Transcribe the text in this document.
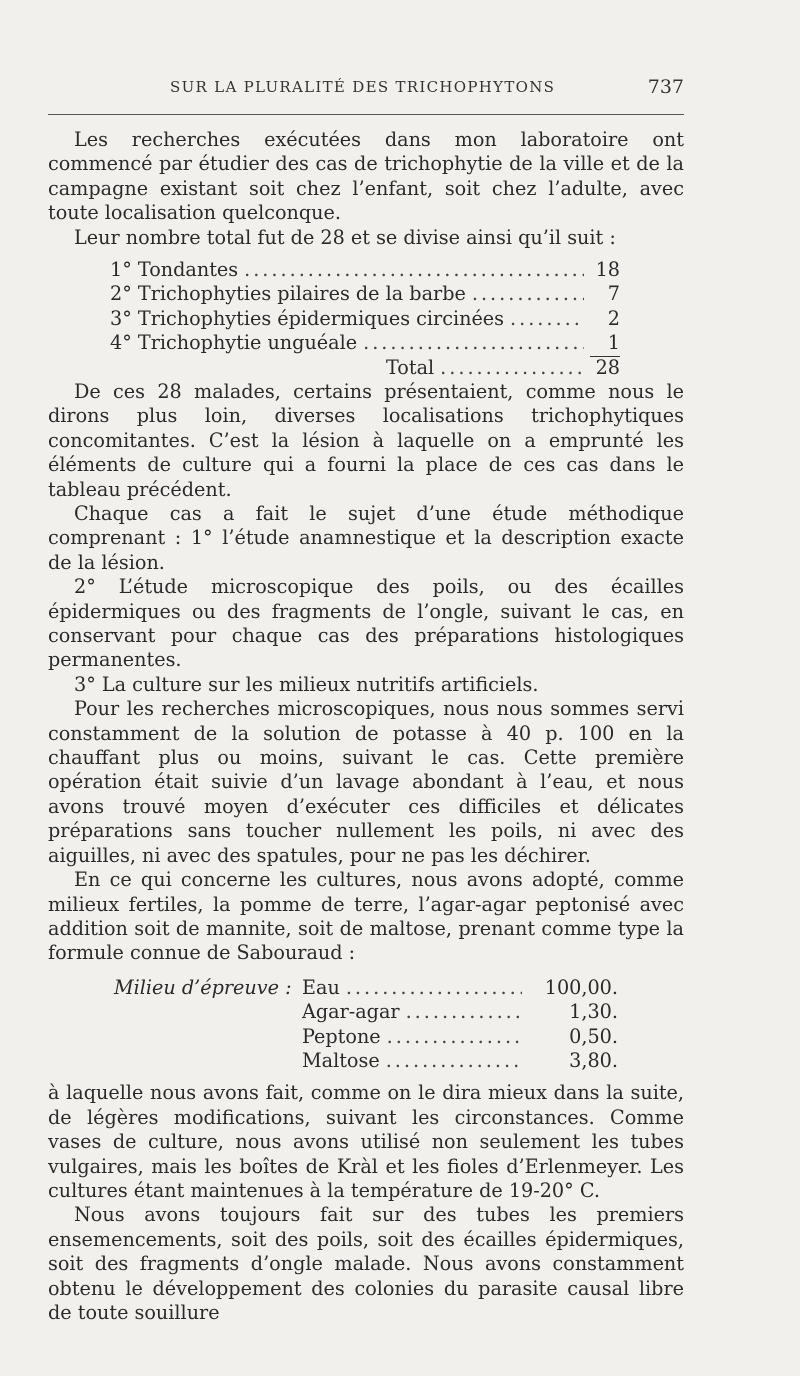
SUR LA PLURALITÉ DES TRICHOPHYTONS	737

Les recherches exécutées dans mon laboratoire ont commencé par étudier des cas de trichophytie de la ville et de la campagne existant soit chez l’enfant, soit chez l’adulte, avec toute localisation quelconque.

Leur nombre total fut de 28 et se divise ainsi qu’il suit :

1° Tondantes .....	18
2° Trichophyties pilaires de la barbe .....	7
3° Trichophyties épidermiques circinées .....	2
4° Trichophytie unguéale .....	1
Total .....	28

De ces 28 malades, certains présentaient, comme nous le dirons plus loin, diverses localisations trichophytiques concomitantes. C’est la lésion à laquelle on a emprunté les éléments de culture qui a fourni la place de ces cas dans le tableau précédent.

Chaque cas a fait le sujet d’une étude méthodique comprenant : 1° l’étude anamnestique et la description exacte de la lésion.

2° L’étude microscopique des poils, ou des écailles épidermiques ou des fragments de l’ongle, suivant le cas, en conservant pour chaque cas des préparations histologiques permanentes.

3° La culture sur les milieux nutritifs artificiels.

Pour les recherches microscopiques, nous nous sommes servi constamment de la solution de potasse à 40 p. 100 en la chauffant plus ou moins, suivant le cas. Cette première opération était suivie d’un lavage abondant à l’eau, et nous avons trouvé moyen d’exécuter ces difficiles et délicates préparations sans toucher nullement les poils, ni avec des aiguilles, ni avec des spatules, pour ne pas les déchirer.

En ce qui concerne les cultures, nous avons adopté, comme milieux fertiles, la pomme de terre, l’agar-agar peptonisé avec addition soit de mannite, soit de maltose, prenant comme type la formule connue de Sabouraud :

Milieu d’épreuve : Eau .....	100,00.
Agar-agar .....	1,30.
Peptone .....	0,50.
Maltose .....	3,80.

à laquelle nous avons fait, comme on le dira mieux dans la suite, de légères modifications, suivant les circonstances. Comme vases de culture, nous avons utilisé non seulement les tubes vulgaires, mais les boîtes de Kràl et les fioles d’Erlenmeyer. Les cultures étant maintenues à la température de 19-20° C.

Nous avons toujours fait sur des tubes les premiers ensemencements, soit des poils, soit des écailles épidermiques, soit des fragments d’ongle malade. Nous avons constamment obtenu le développement des colonies du parasite causal libre de toute souillure
